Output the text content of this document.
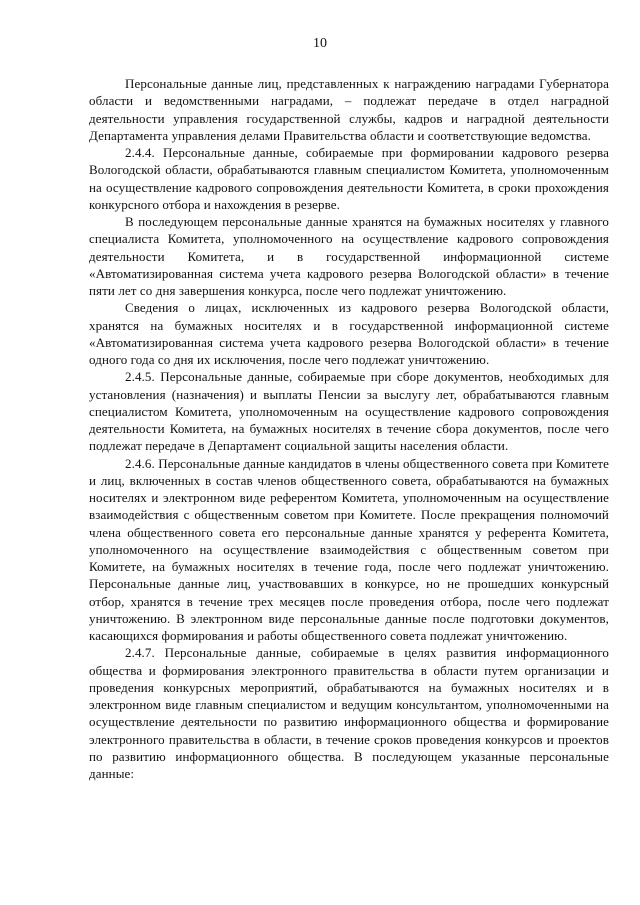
10

Персональные данные лиц, представленных к награждению наградами Губернатора области и ведомственными наградами, – подлежат передаче в отдел наградной деятельности управления государственной службы, кадров и наградной деятельности Департамента управления делами Правительства области и соответствующие ведомства.

2.4.4. Персональные данные, собираемые при формировании кадрового резерва Вологодской области, обрабатываются главным специалистом Комитета, уполномоченным на осуществление кадрового сопровождения деятельности Комитета, в сроки прохождения конкурсного отбора и нахождения в резерве.

В последующем персональные данные хранятся на бумажных носителях у главного специалиста Комитета, уполномоченного на осуществление кадрового сопровождения деятельности Комитета, и в государственной информационной системе «Автоматизированная система учета кадрового резерва Вологодской области» в течение пяти лет со дня завершения конкурса, после чего подлежат уничтожению.

Сведения о лицах, исключенных из кадрового резерва Вологодской области, хранятся на бумажных носителях и в государственной информационной системе «Автоматизированная система учета кадрового резерва Вологодской области» в течение одного года со дня их исключения, после чего подлежат уничтожению.

2.4.5. Персональные данные, собираемые при сборе документов, необходимых для установления (назначения) и выплаты Пенсии за выслугу лет, обрабатываются главным специалистом Комитета, уполномоченным на осуществление кадрового сопровождения деятельности Комитета, на бумажных носителях в течение сбора документов, после чего подлежат передаче в Департамент социальной защиты населения области.

2.4.6. Персональные данные кандидатов в члены общественного совета при Комитете и лиц, включенных в состав членов общественного совета, обрабатываются на бумажных носителях и электронном виде референтом Комитета, уполномоченным на осуществление взаимодействия с общественным советом при Комитете. После прекращения полномочий члена общественного совета его персональные данные хранятся у референта Комитета, уполномоченного на осуществление взаимодействия с общественным советом при Комитете, на бумажных носителях в течение года, после чего подлежат уничтожению. Персональные данные лиц, участвовавших в конкурсе, но не прошедших конкурсный отбор, хранятся в течение трех месяцев после проведения отбора, после чего подлежат уничтожению. В электронном виде персональные данные после подготовки документов, касающихся формирования и работы общественного совета подлежат уничтожению.

2.4.7. Персональные данные, собираемые в целях развития информационного общества и формирования электронного правительства в области путем организации и проведения конкурсных мероприятий, обрабатываются на бумажных носителях и в электронном виде главным специалистом и ведущим консультантом, уполномоченными на осуществление деятельности по развитию информационного общества и формирование электронного правительства в области, в течение сроков проведения конкурсов и проектов по развитию информационного общества. В последующем указанные персональные данные:
